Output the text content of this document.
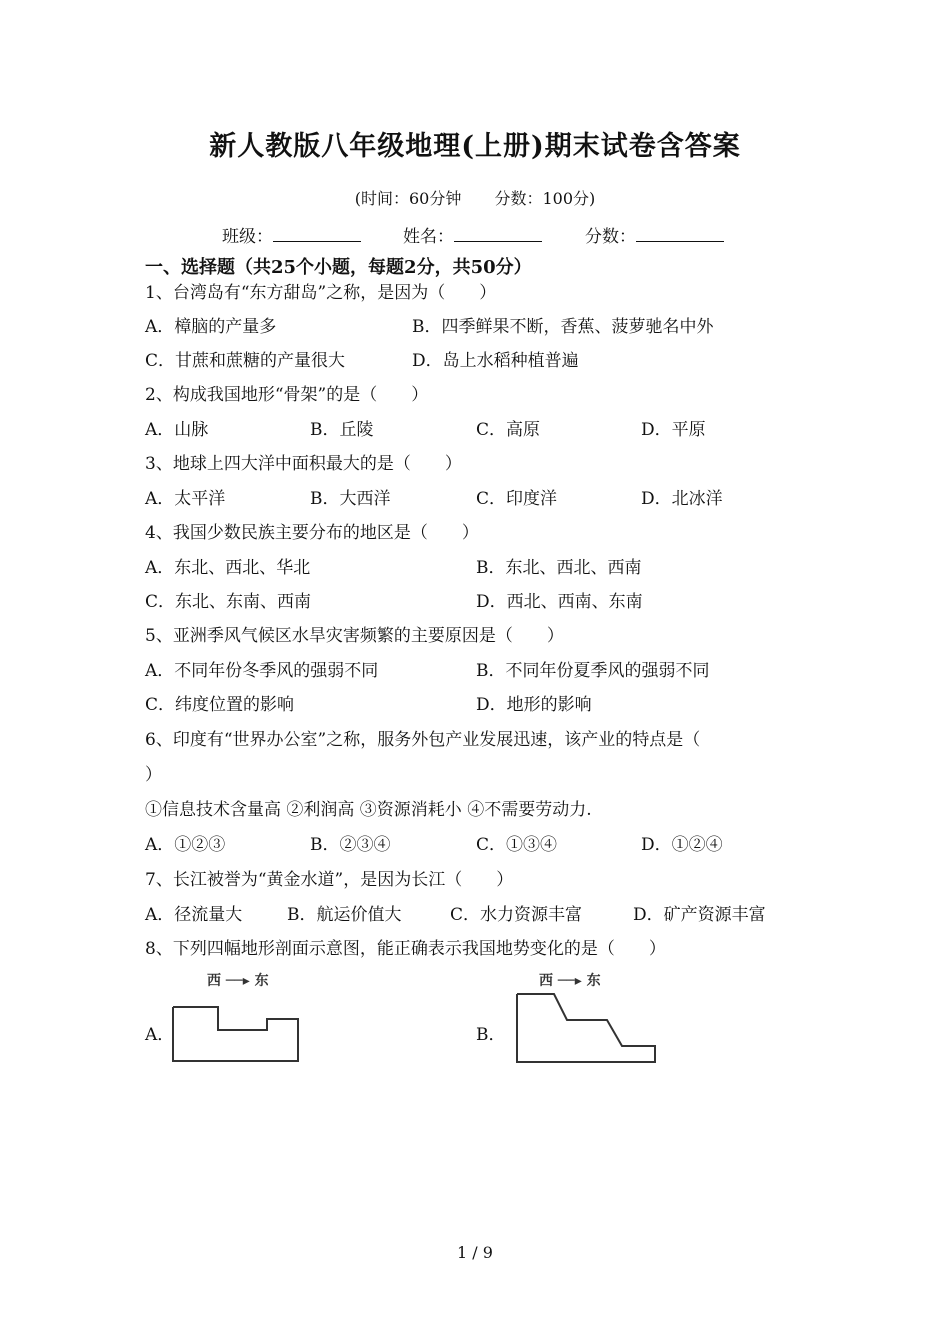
新人教版八年级地理(上册)期末试卷含答案
(时间：60分钟 分数：100分)
班级：	姓名：	分数：
一、选择题（共25个小题，每题2分，共50分）
1、台湾岛有“东方甜岛”之称，是因为（　　）
A．樟脑的产量多	B．四季鲜果不断，香蕉、菠萝驰名中外
C．甘蔗和蔗糖的产量很大	D．岛上水稻种植普遍
2、构成我国地形“骨架”的是（　　）
A．山脉	B．丘陵	C．高原	D．平原
3、地球上四大洋中面积最大的是（　　）
A．太平洋	B．大西洋	C．印度洋	D．北冰洋
4、我国少数民族主要分布的地区是（　　）
A．东北、西北、华北	B．东北、西北、西南
C．东北、东南、西南	D．西北、西南、东南
5、亚洲季风气候区水旱灾害频繁的主要原因是（　　）
A．不同年份冬季风的强弱不同	B．不同年份夏季风的强弱不同
C．纬度位置的影响	D．地形的影响
6、印度有“世界办公室”之称，服务外包产业发展迅速，该产业的特点是（
）
①信息技术含量高 ②利润高 ③资源消耗小 ④不需要劳动力.
A．①②③	B．②③④	C．①③④	D．①②④
7、长江被誉为“黄金水道”，是因为长江（　　）
A．径流量大	B．航运价值大	C．水力资源丰富	D．矿产资源丰富
8、下列四幅地形剖面示意图，能正确表示我国地势变化的是（　　）
A．
西 ──▸ 东
B．
西 ──▸ 东
1 / 9
